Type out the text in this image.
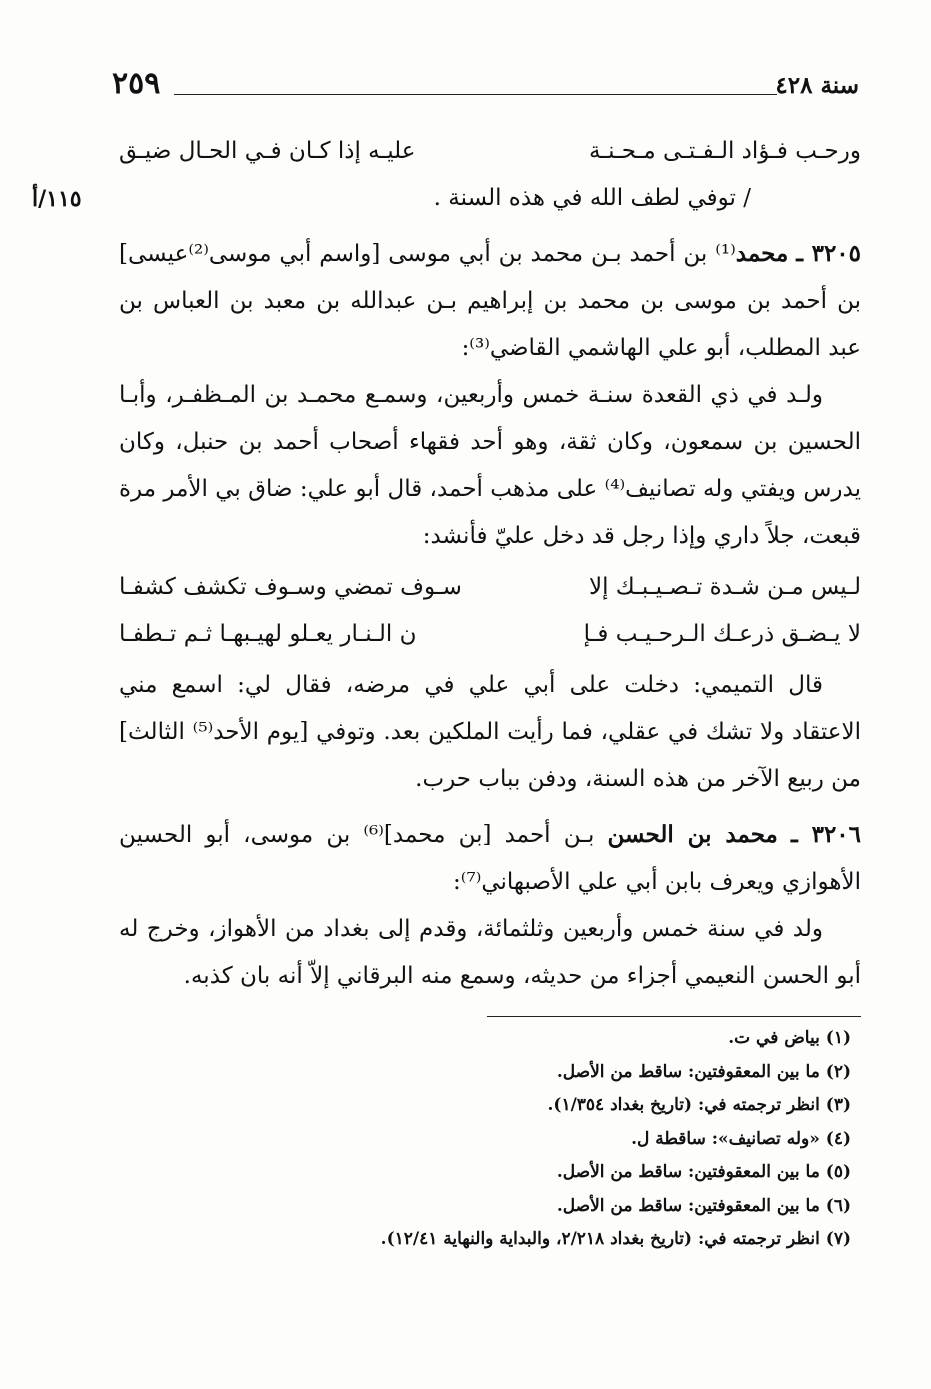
سنة ٤٢٨
٢٥٩
١١٥/أ
ورحـب فـؤاد الـفـتـى مـحـنـة
عليـه إذا كـان فـي الحـال ضيـق

/ توفي لطف الله في هذه السنة .

٣٢٠٥ ـ محمد⁽¹⁾ بن أحمد بـن محمد بن أبي موسى [واسم أبي موسى⁽²⁾عيسى] بن أحمد بن موسى بن محمد بن إبراهيم بـن عبدالله بن معبد بن العباس بن عبد المطلب، أبو علي الهاشمي القاضي⁽³⁾:

ولـد في ذي القعدة سنـة خمس وأربعين، وسمـع محمـد بن المـظفـر، وأبـا الحسين بن سمعون، وكان ثقة، وهو أحد فقهاء أصحاب أحمد بن حنبل، وكان يدرس ويفتي وله تصانيف⁽⁴⁾ على مذهب أحمد، قال أبو علي: ضاق بي الأمر مرة قبعت، جلاً داري وإذا رجل قد دخل عليّ فأنشد:

لـيس مـن شـدة تـصـيـبـك إلا
سـوف تمضي وسـوف تكشف كشفـا
لا يـضـق ذرعـك الـرحـيـب فـإ
ن الـنـار يعـلو لهيـبهـا ثـم تـطفـا

قال التميمي: دخلت على أبي علي في مرضه، فقال لي: اسمع مني الاعتقاد ولا تشك في عقلي، فما رأيت الملكين بعد. وتوفي [يوم الأحد⁽⁵⁾ الثالث] من ربيع الآخر من هذه السنة، ودفن بباب حرب.

٣٢٠٦ ـ محمد بن الحسن بـن أحمد [بن محمد]⁽⁶⁾ بن موسى، أبو الحسين الأهوازي ويعرف بابن أبي علي الأصبهاني⁽⁷⁾:

ولد في سنة خمس وأربعين وثلثمائة، وقدم إلى بغداد من الأهواز، وخرج له أبو الحسن النعيمي أجزاء من حديثه، وسمع منه البرقاني إلاّ أنه بان كذبه.

(١) بياض في ت.
(٢) ما بين المعقوفتين: ساقط من الأصل.
(٣) انظر ترجمته في: (تاريخ بغداد ١/٣٥٤).
(٤) «وله تصانيف»: ساقطة ل.
(٥) ما بين المعقوفتين: ساقط من الأصل.
(٦) ما بين المعقوفتين: ساقط من الأصل.
(٧) انظر ترجمته في: (تاريخ بغداد ٢/٢١٨، والبداية والنهاية ١٢/٤١).
